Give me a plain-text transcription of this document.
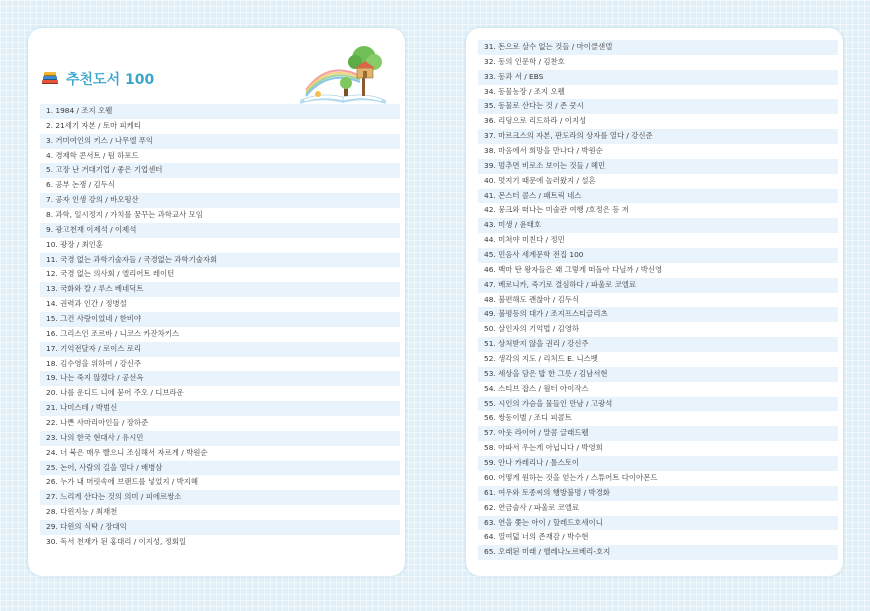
추천도서 100
1. 1984 / 조지 오웰
2. 21세기 자본 / 토마 피케티
3. 거미여인의 키스 / 나무엘 푸익
4. 경제학 콘서트 / 팀 하포드
5. 고장 난 거대기업 / 좋은 기업센터
6. 공부 논쟁 / 김두식
7. 공자 인생 강의 / 바오펑산
8. 과학, 일시정지 / 가치를 꿈꾸는 과학교사 모임
9. 광고천재 이제석 / 이제석
10. 광장 / 최인훈
11. 국경 없는 과학기술자들 / 국경없는 과학기술자회
12. 국경 없는 의사회 / 엘리어트 레이턴
13. 국화와 칼 / 루스 베네딕트
14. 권력과 인간 / 정병설
15. 그건 사랑이었네 / 한비야
16. 그리스인 조르바 / 니코스 카잔차키스
17. 기억전달자 / 로이스 로리
18. 김수영을 위하여 / 강신주
19. 나는 죽지 않겠다 / 공선옥
20. 나를 운디드 니에 묻어 주오 / 디브라운
21. 나미스테 / 박범신
22. 나쁜 사마리아인들 / 장하준
23. 나의 한국 현대사 / 유시민
24. 너 북은 매우 빨으니 조심해서 자르게 / 박원순
25. 논어, 사람의 길을 열다 / 배병삼
26. 누가 내 머릿속에 브랜드를 넣었지 / 박지혜
27. 느리게 산다는 것의 의미 / 피에르쌍소
28. 다윈지능 / 최재천
29. 다윈의 식탁 / 장대익
30. 독서 천재가 된 홍대리 / 이지성, 정회일
31. 돈으로 살수 없는 것들 / 마이클샌델
32. 동의 인문학 / 김찬호
33. 동과 서 / EBS
34. 동물농장 / 조지 오웰
35. 동물로 산다는 것 / 존 쿳시
36. 리딩으로 리드하라 / 이지성
37. 마르크스의 자본, 판도라의 상자를 열다 / 강신준
38. 마음에서 희망을 만나다 / 박원순
39. 멈추면 비로소 보이는 것들 / 혜민
40. 멋지기 때문에 놀러왔지 / 설흔
41. 몬스터 콜스 / 패트릭 네스
42. 뭉크와 떠나는 미술관 여행 /호정은 등 저
43. 미생 / 윤태호
44. 미쳐야 미친다 / 정민
45. 민음사 세계문학 전집 100
46. 백마 탄 왕자들은 왜 그렇게 떠돌아 다닐까 / 박신영
47. 베로니카, 죽기로 결심하다 / 파울로 코엘료
48. 불편해도 괜찮아 / 김두식
49. 불평등의 대가 / 조지프스티글리츠
50. 살인자의 기억법 / 김영하
51. 상처받지 않을 권리 / 강신주
52. 생각의 지도 / 리처드 E. 니스벳
53. 세상을 담은 밥 한 그릇 / 김남서현
54. 스티브 잡스 / 월터 아이작스
55. 시인의 가슴을 물들인 만남 / 고광석
56. 쌍동이별 / 조디 피콜트
57. 아웃 라이어 / 말콤 글래드웰
58. 아파서 우는게 아닙니다 / 박영희
59. 안나 카레리나 / 톨스토이
60. 어떻게 원하는 것을 얻는가 / 스튜어트 다이아몬드
61. 여우와 토종씨의 행방불명 / 박경화
62. 연금술사 / 파울로 코엘료
63. 연을 쫓는 아이 / 할레드호세이니
64. 열여덟 너의 존재감 / 박수현
65. 오래된 미래 / 헬레나노르베리-호지
